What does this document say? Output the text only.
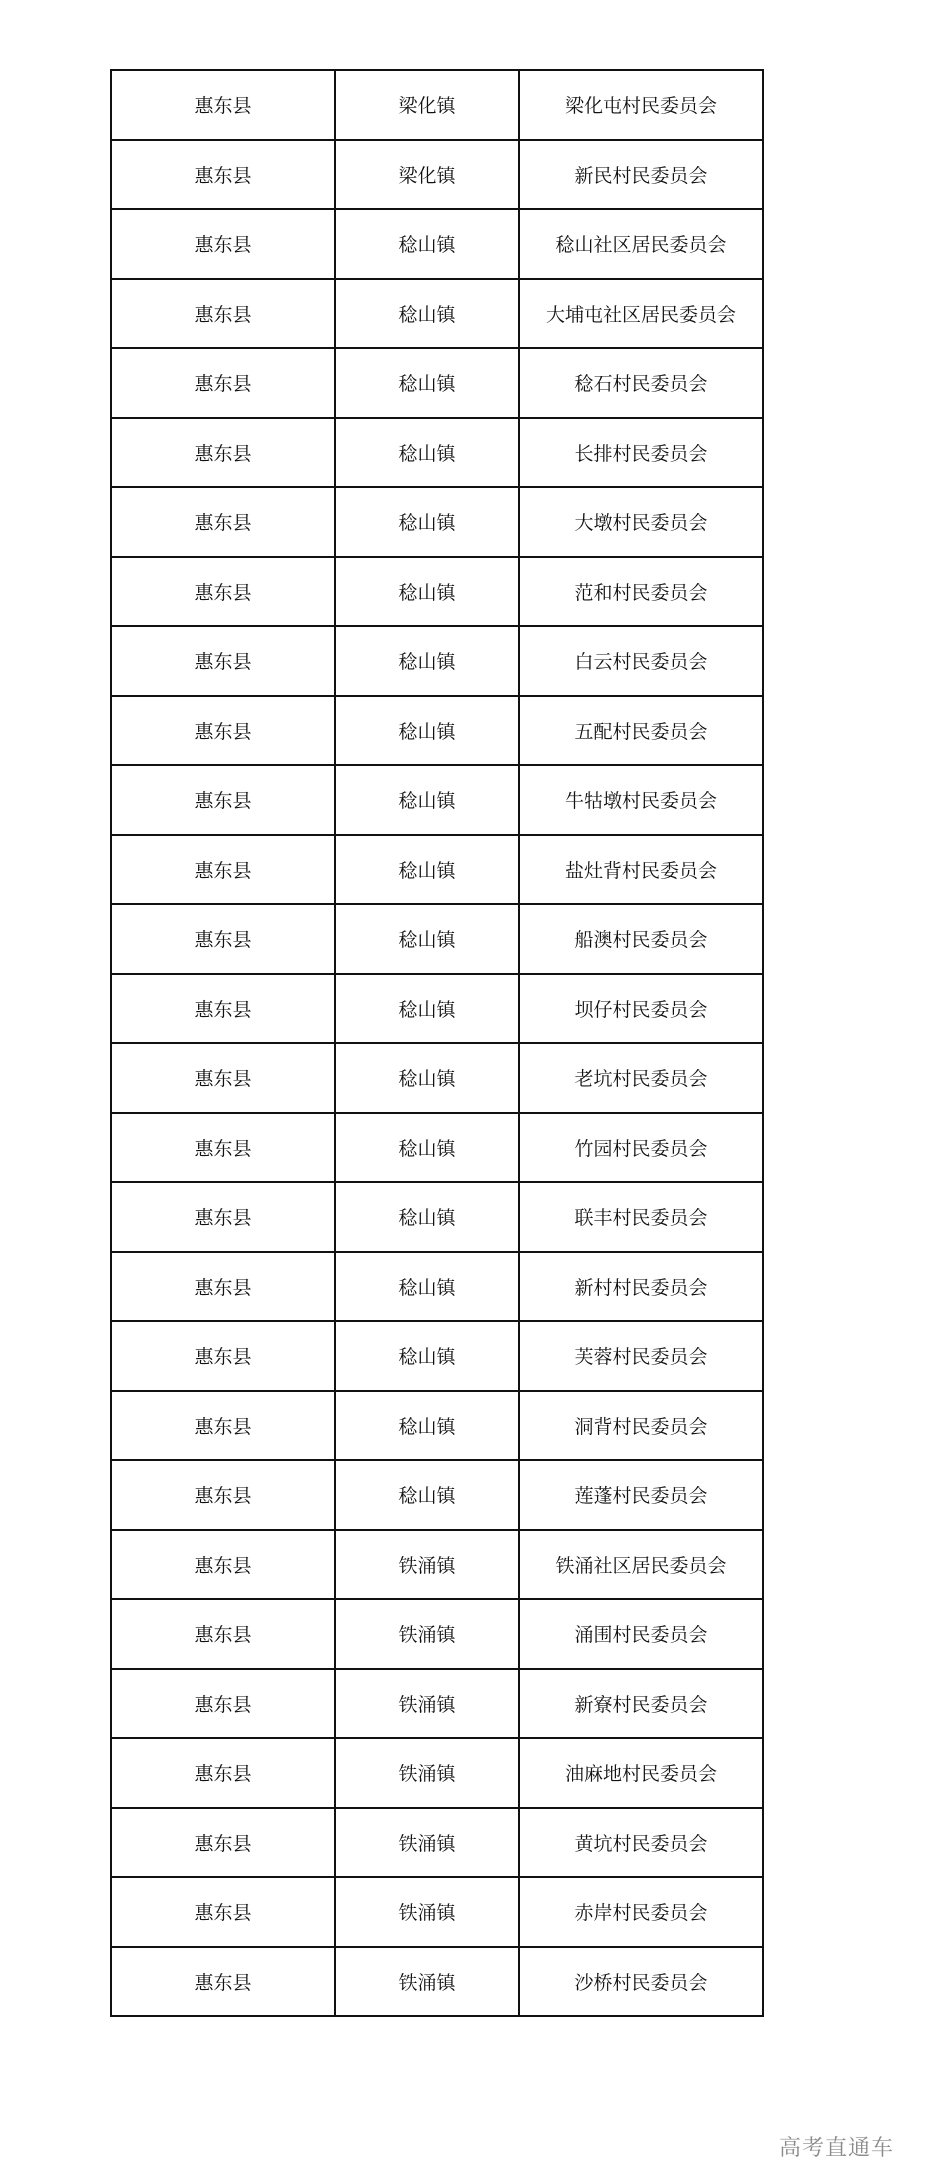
惠东县	梁化镇	梁化屯村民委员会
惠东县	梁化镇	新民村民委员会
惠东县	稔山镇	稔山社区居民委员会
惠东县	稔山镇	大埔屯社区居民委员会
惠东县	稔山镇	稔石村民委员会
惠东县	稔山镇	长排村民委员会
惠东县	稔山镇	大墩村民委员会
惠东县	稔山镇	范和村民委员会
惠东县	稔山镇	白云村民委员会
惠东县	稔山镇	五配村民委员会
惠东县	稔山镇	牛牯墩村民委员会
惠东县	稔山镇	盐灶背村民委员会
惠东县	稔山镇	船澳村民委员会
惠东县	稔山镇	坝仔村民委员会
惠东县	稔山镇	老坑村民委员会
惠东县	稔山镇	竹园村民委员会
惠东县	稔山镇	联丰村民委员会
惠东县	稔山镇	新村村民委员会
惠东县	稔山镇	芙蓉村民委员会
惠东县	稔山镇	洞背村民委员会
惠东县	稔山镇	莲蓬村民委员会
惠东县	铁涌镇	铁涌社区居民委员会
惠东县	铁涌镇	涌围村民委员会
惠东县	铁涌镇	新寮村民委员会
惠东县	铁涌镇	油麻地村民委员会
惠东县	铁涌镇	黄坑村民委员会
惠东县	铁涌镇	赤岸村民委员会
惠东县	铁涌镇	沙桥村民委员会
高考直通车
